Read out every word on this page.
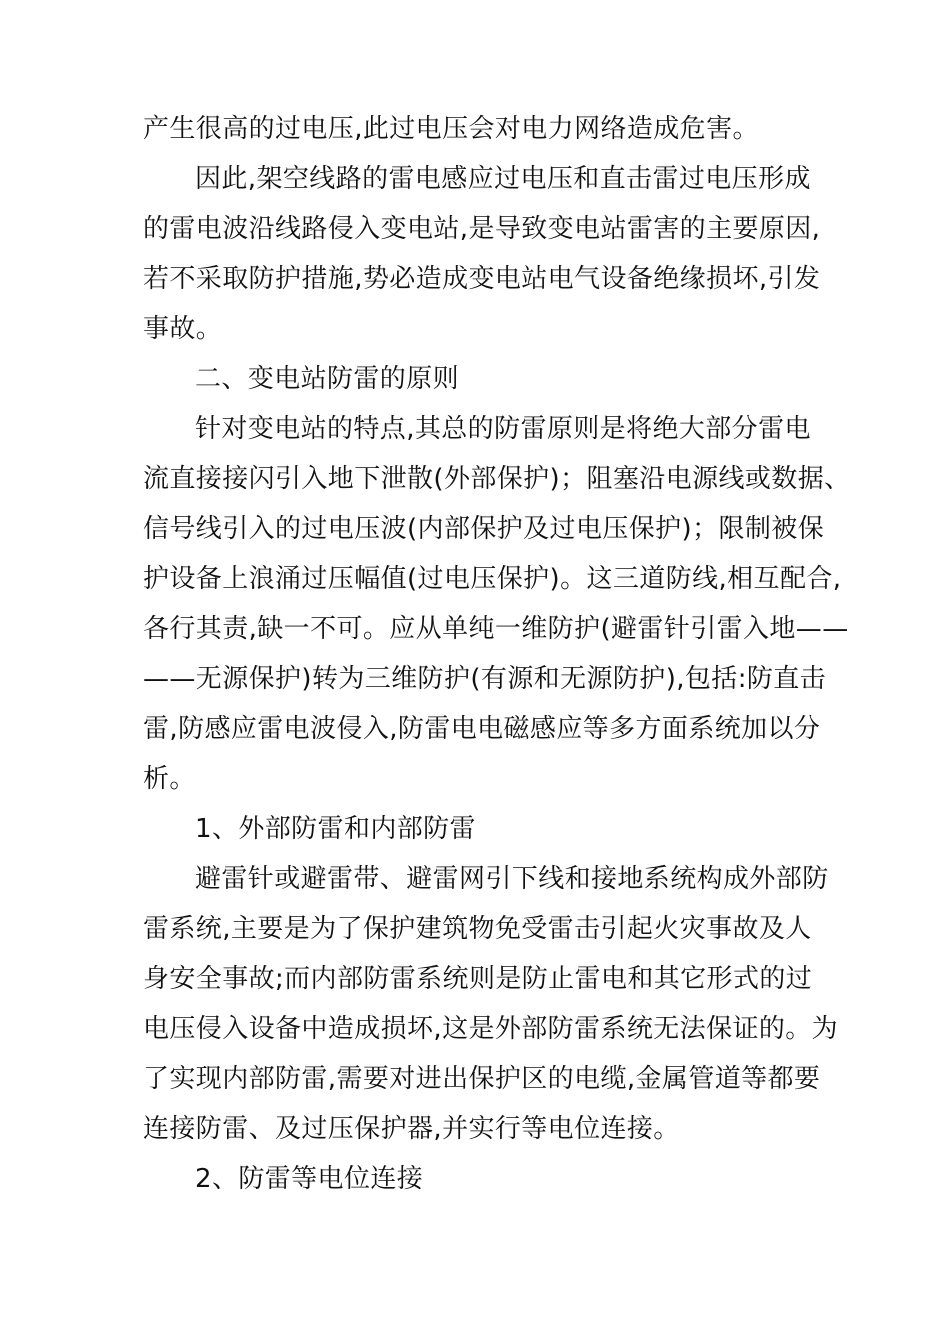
产生很高的过电压,此过电压会对电力网络造成危害。
因此,架空线路的雷电感应过电压和直击雷过电压形成
的雷电波沿线路侵入变电站,是导致变电站雷害的主要原因,
若不采取防护措施,势必造成变电站电气设备绝缘损坏,引发
事故。
二、变电站防雷的原则
针对变电站的特点,其总的防雷原则是将绝大部分雷电
流直接接闪引入地下泄散(外部保护)；阻塞沿电源线或数据、
信号线引入的过电压波(内部保护及过电压保护)；限制被保
护设备上浪涌过压幅值(过电压保护)。这三道防线,相互配合,
各行其责,缺一不可。应从单纯一维防护(避雷针引雷入地——
——无源保护)转为三维防护(有源和无源防护),包括:防直击
雷,防感应雷电波侵入,防雷电电磁感应等多方面系统加以分
析。
1、外部防雷和内部防雷
避雷针或避雷带、避雷网引下线和接地系统构成外部防
雷系统,主要是为了保护建筑物免受雷击引起火灾事故及人
身安全事故;而内部防雷系统则是防止雷电和其它形式的过
电压侵入设备中造成损坏,这是外部防雷系统无法保证的。为
了实现内部防雷,需要对进出保护区的电缆,金属管道等都要
连接防雷、及过压保护器,并实行等电位连接。
2、防雷等电位连接
